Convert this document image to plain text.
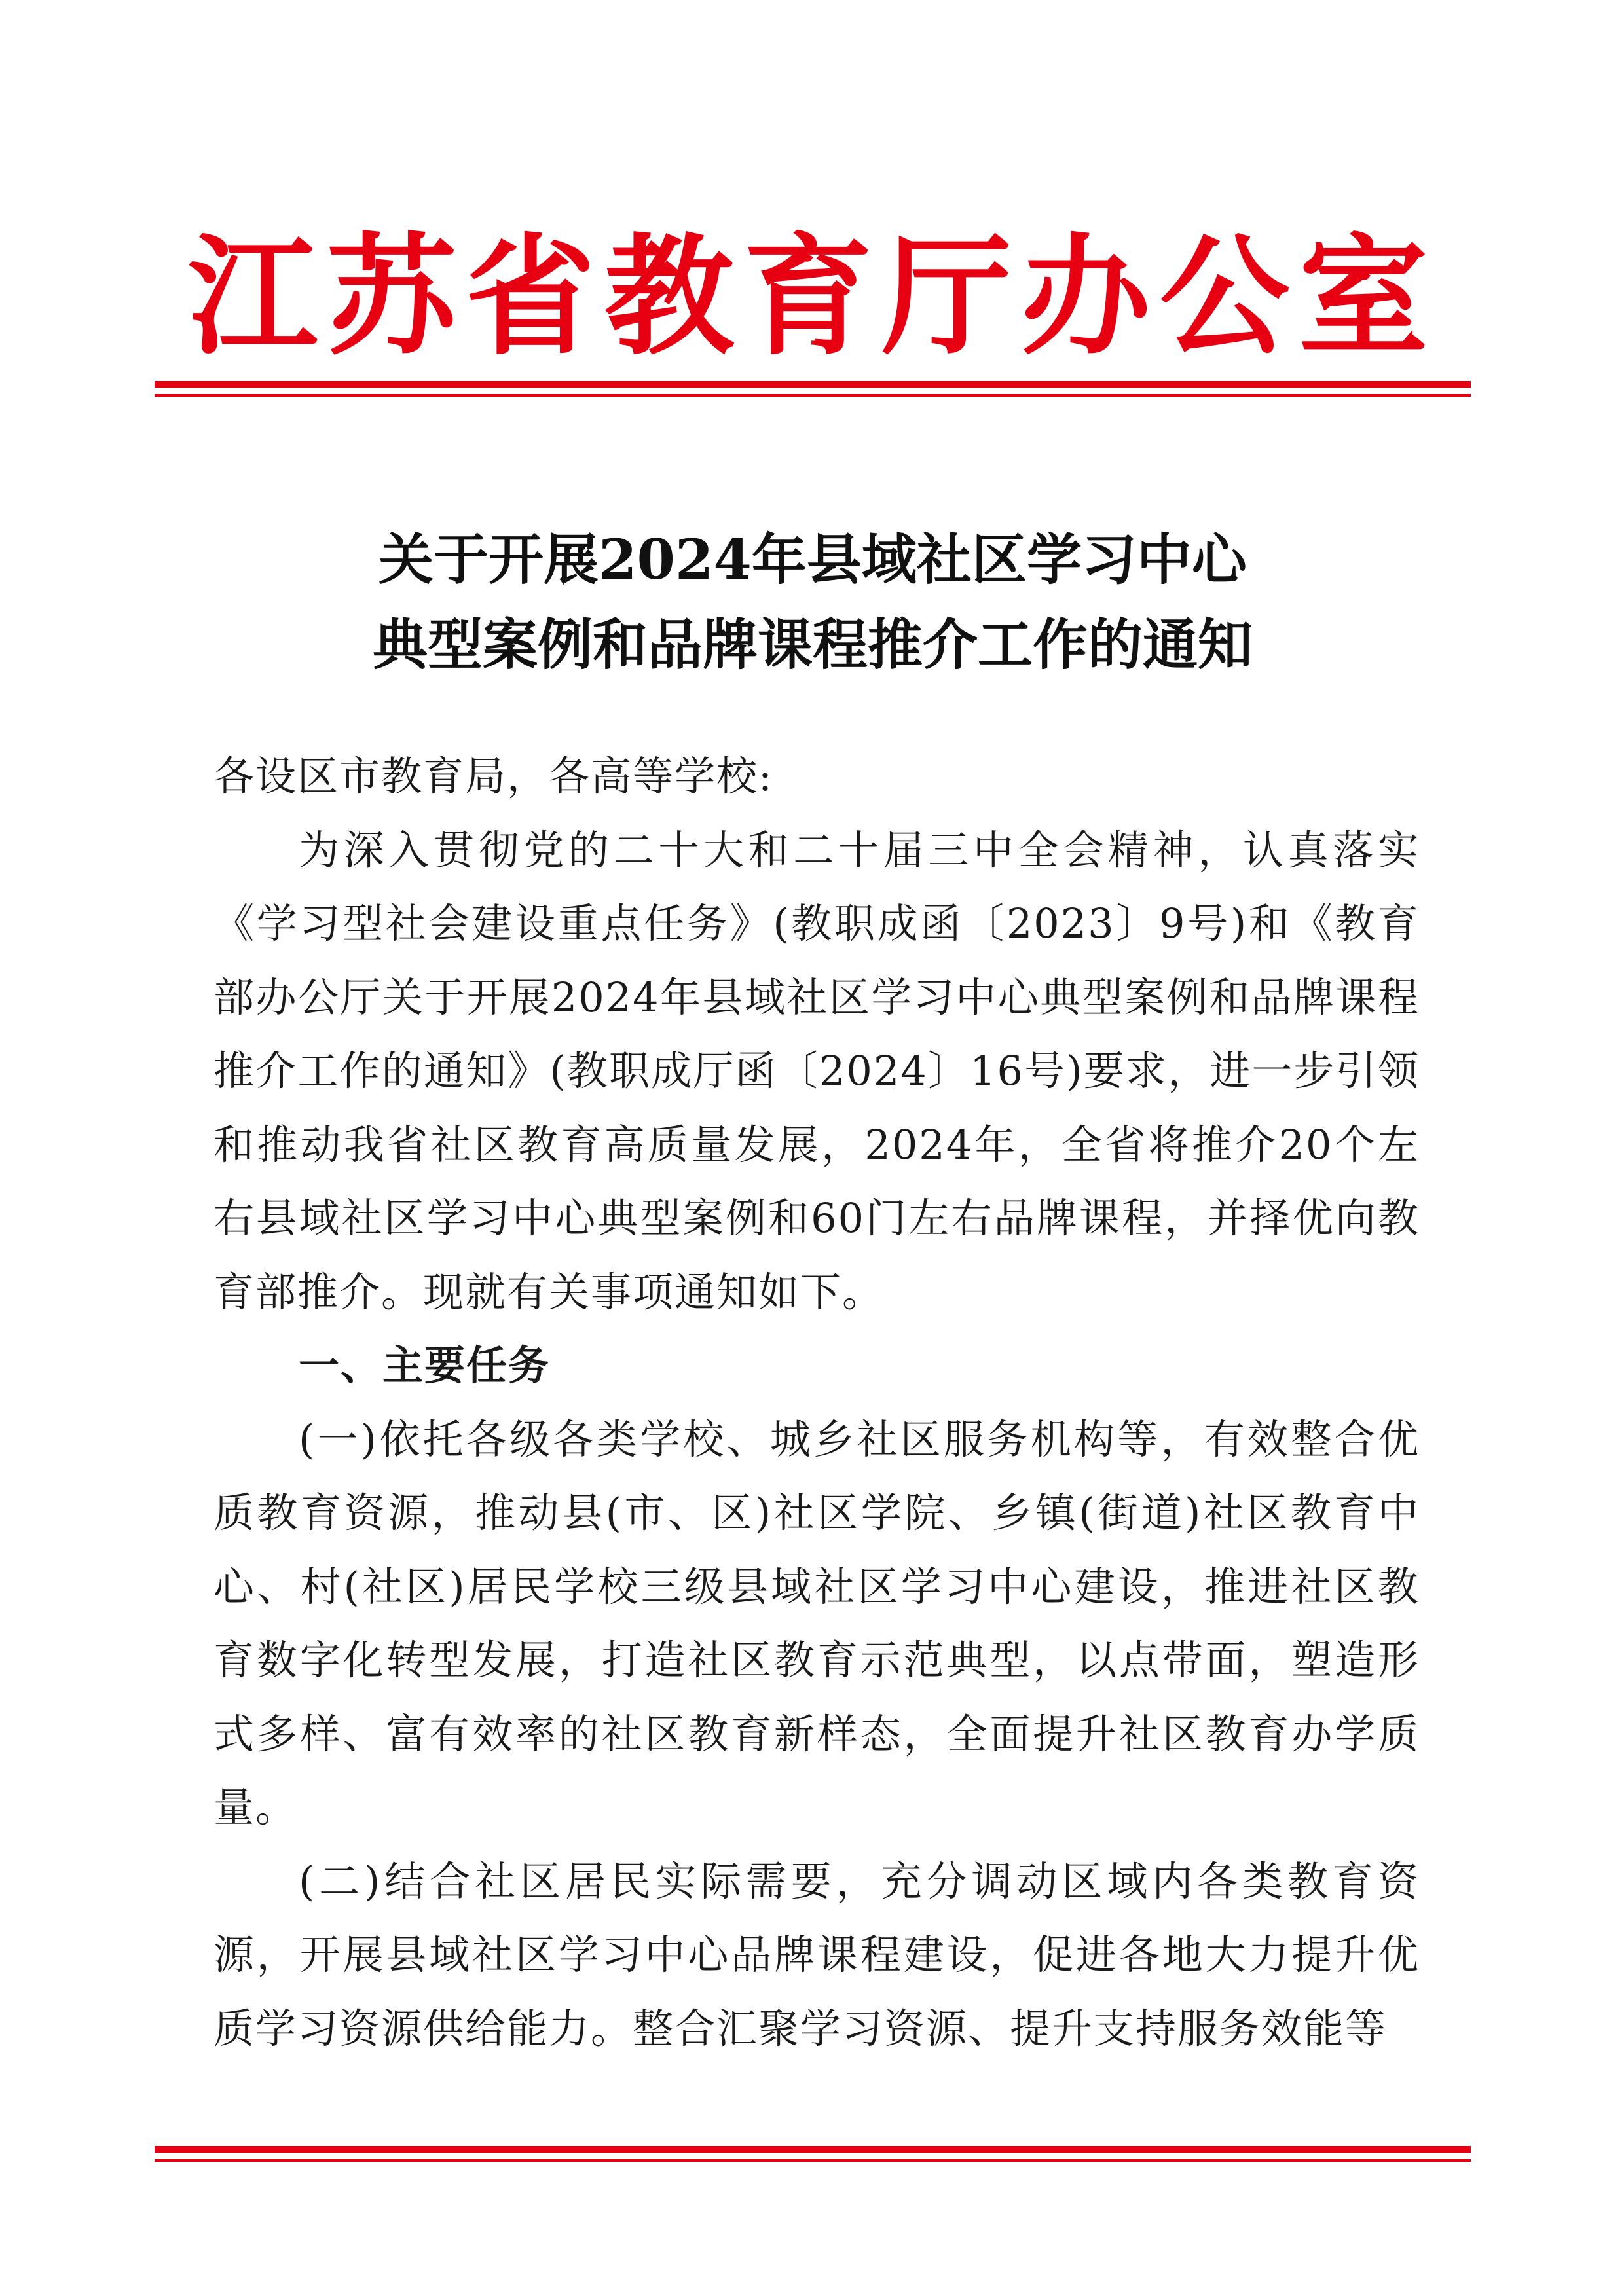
江苏省教育厅办公室
关于开展2024年县域社区学习中心
典型案例和品牌课程推介工作的通知

各设区市教育局，各高等学校:

为深入贯彻党的二十大和二十届三中全会精神，认真落实《学习型社会建设重点任务》(教职成函〔2023〕9号)和《教育部办公厅关于开展2024年县域社区学习中心典型案例和品牌课程推介工作的通知》(教职成厅函〔2024〕16号)要求，进一步引领和推动我省社区教育高质量发展，2024年，全省将推介20个左右县域社区学习中心典型案例和60门左右品牌课程，并择优向教育部推介。现就有关事项通知如下。

一、主要任务

(一)依托各级各类学校、城乡社区服务机构等，有效整合优质教育资源，推动县(市、区)社区学院、乡镇(街道)社区教育中心、村(社区)居民学校三级县域社区学习中心建设，推进社区教育数字化转型发展，打造社区教育示范典型，以点带面，塑造形式多样、富有效率的社区教育新样态，全面提升社区教育办学质量。

(二)结合社区居民实际需要，充分调动区域内各类教育资源，开展县域社区学习中心品牌课程建设，促进各地大力提升优质学习资源供给能力。整合汇聚学习资源、提升支持服务效能等
